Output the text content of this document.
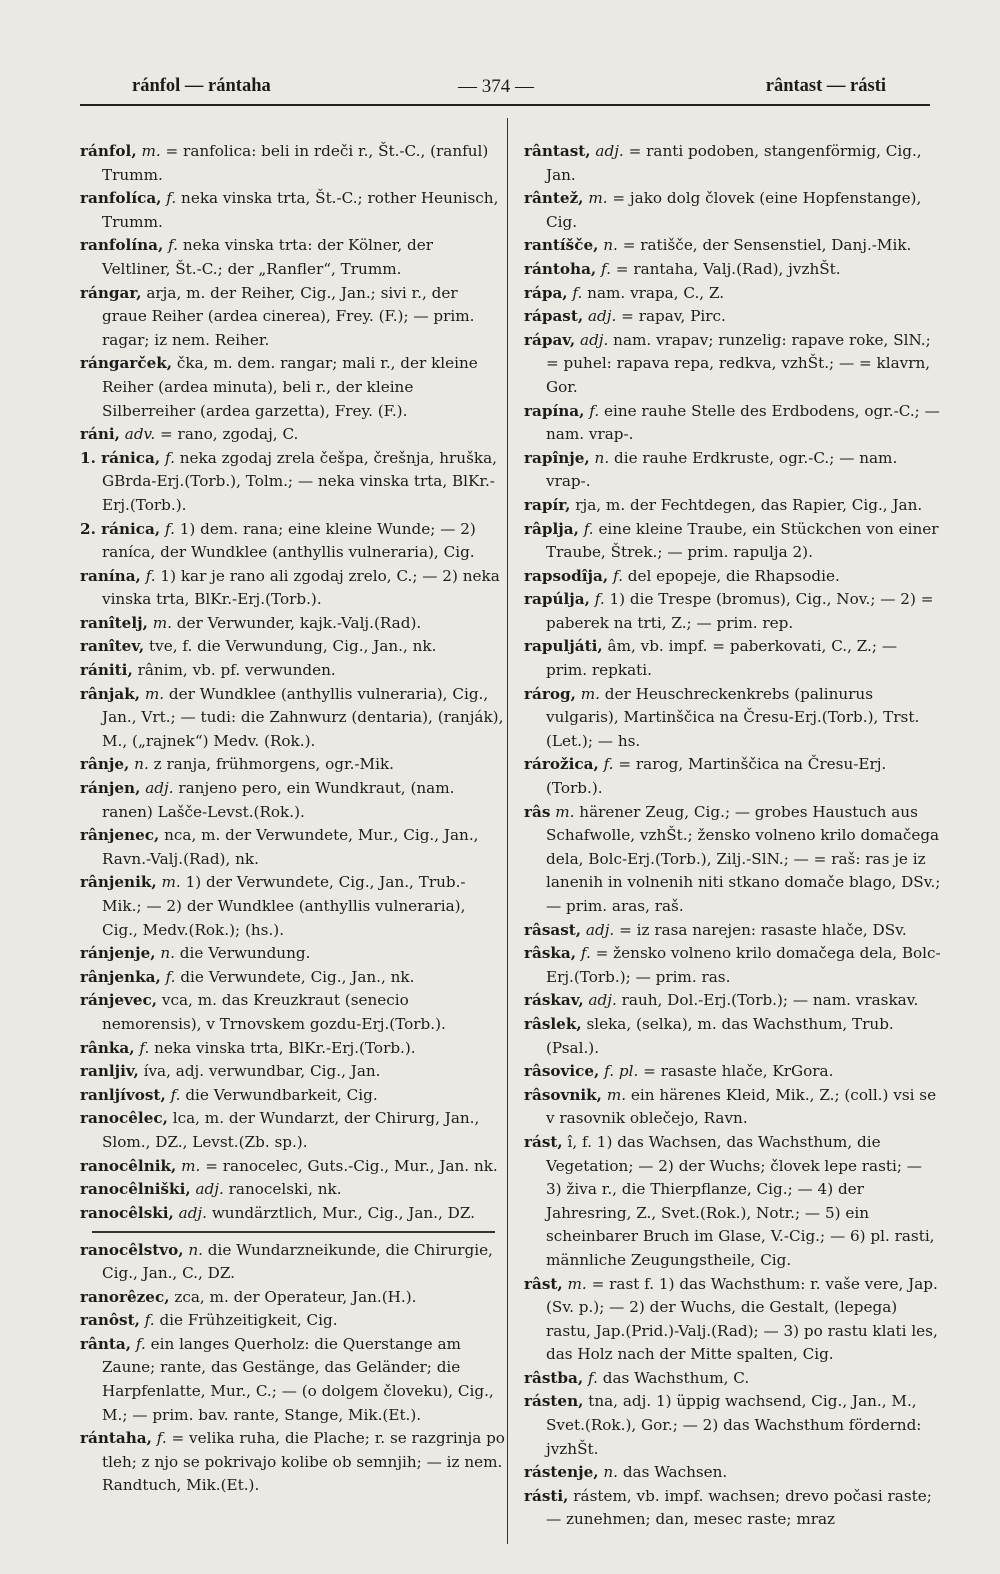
ránfol — rántaha	— 374 —	rântast — rásti

ránfol, m. = ranfolica: beli in rdeči r., Št.-C., (ranful) Trumm.

ranfolíca, f. neka vinska trta, Št.-C.; rother Heunisch, Trumm.

ranfolína, f. neka vinska trta: der Kölner, der Veltliner, Št.-C.; der „Ranfler“, Trumm.

rángar, arja, m. der Reiher, Cig., Jan.; sivi r., der graue Reiher (ardea cinerea), Frey. (F.); — prim. ragar; iz nem. Reiher.

rángarček, čka, m. dem. rangar; mali r., der kleine Reiher (ardea minuta), beli r., der kleine Silberreiher (ardea garzetta), Frey. (F.).

ráni, adv. = rano, zgodaj, C.

1. ránica, f. neka zgodaj zrela češpa, črešnja, hruška, GBrda-Erj.(Torb.), Tolm.; — neka vinska trta, BlKr.-Erj.(Torb.).

2. ránica, f. 1) dem. rana; eine kleine Wunde; — 2) raníca, der Wundklee (anthyllis vulneraria), Cig.

ranína, f. 1) kar je rano ali zgodaj zrelo, C.; — 2) neka vinska trta, BlKr.-Erj.(Torb.).

ranîtelj, m. der Verwunder, kajk.-Valj.(Rad).

ranîtev, tve, f. die Verwundung, Cig., Jan., nk.

rániti, rânim, vb. pf. verwunden.

rânjak, m. der Wundklee (anthyllis vulneraria), Cig., Jan., Vrt.; — tudi: die Zahnwurz (dentaria), (ranják), M., („rajnek“) Medv. (Rok.).

rânje, n. z ranja, frühmorgens, ogr.-Mik.

ránjen, adj. ranjeno pero, ein Wundkraut, (nam. ranen) Lašče-Levst.(Rok.).

rânjenec, nca, m. der Verwundete, Mur., Cig., Jan., Ravn.-Valj.(Rad), nk.

rânjenik, m. 1) der Verwundete, Cig., Jan., Trub.-Mik.; — 2) der Wundklee (anthyllis vulneraria), Cig., Medv.(Rok.); (hs.).

ránjenje, n. die Verwundung.

rânjenka, f. die Verwundete, Cig., Jan., nk.

ránjevec, vca, m. das Kreuzkraut (senecio nemorensis), v Trnovskem gozdu-Erj.(Torb.).

rânka, f. neka vinska trta, BlKr.-Erj.(Torb.).

ranljiv, íva, adj. verwundbar, Cig., Jan.

ranljívost, f. die Verwundbarkeit, Cig.

ranocêlec, lca, m. der Wundarzt, der Chirurg, Jan., Slom., DZ., Levst.(Zb. sp.).

ranocêlnik, m. = ranocelec, Guts.-Cig., Mur., Jan. nk.

ranocêlniški, adj. ranocelski, nk.

ranocêlski, adj. wundärztlich, Mur., Cig., Jan., DZ.

ranocêlstvo, n. die Wundarzneikunde, die Chirurgie, Cig., Jan., C., DZ.

ranorêzec, zca, m. der Operateur, Jan.(H.).

ranôst, f. die Frühzeitigkeit, Cig.

rânta, f. ein langes Querholz: die Querstange am Zaune; rante, das Gestänge, das Geländer; die Harpfenlatte, Mur., C.; — (o dolgem človeku), Cig., M.; — prim. bav. rante, Stange, Mik.(Et.).

rántaha, f. = velika ruha, die Plache; r. se razgrinja po tleh; z njo se pokrivajo kolibe ob semnjih; — iz nem. Randtuch, Mik.(Et.).

rântast, adj. = ranti podoben, stangenförmig, Cig., Jan.

rântež, m. = jako dolg človek (eine Hopfenstange), Cig.

rantíšče, n. = ratišče, der Sensenstiel, Danj.-Mik.

rántoha, f. = rantaha, Valj.(Rad), jvzhŠt.

rápa, f. nam. vrapa, C., Z.

rápast, adj. = rapav, Pirc.

rápav, adj. nam. vrapav; runzelig: rapave roke, SlN.; = puhel: rapava repa, redkva, vzhŠt.; — = klavrn, Gor.

rapína, f. eine rauhe Stelle des Erdbodens, ogr.-C.; — nam. vrap-.

rapînje, n. die rauhe Erdkruste, ogr.-C.; — nam. vrap-.

rapír, rja, m. der Fechtdegen, das Rapier, Cig., Jan.

râplja, f. eine kleine Traube, ein Stückchen von einer Traube, Štrek.; — prim. rapulja 2).

rapsodîja, f. del epopeje, die Rhapsodie.

rapúlja, f. 1) die Trespe (bromus), Cig., Nov.; — 2) = paberek na trti, Z.; — prim. rep.

rapuljáti, âm, vb. impf. = paberkovati, C., Z.; — prim. repkati.

rárog, m. der Heuschreckenkrebs (palinurus vulgaris), Martinščica na Čresu-Erj.(Torb.), Trst.(Let.); — hs.

rárožica, f. = rarog, Martinščica na Čresu-Erj.(Torb.).

râs m. härener Zeug, Cig.; — grobes Haustuch aus Schafwolle, vzhŠt.; žensko volneno krilo domačega dela, Bolc-Erj.(Torb.), Zilj.-SlN.; — = raš: ras je iz lanenih in volnenih niti stkano domače blago, DSv.; — prim. aras, raš.

râsast, adj. = iz rasa narejen: rasaste hlače, DSv.

râska, f. = žensko volneno krilo domačega dela, Bolc-Erj.(Torb.); — prim. ras.

ráskav, adj. rauh, Dol.-Erj.(Torb.); — nam. vraskav.

râslek, sleka, (selka), m. das Wachsthum, Trub.(Psal.).

râsovice, f. pl. = rasaste hlače, KrGora.

râsovnik, m. ein härenes Kleid, Mik., Z.; (coll.) vsi se v rasovnik oblečejo, Ravn.

rást, î, f. 1) das Wachsen, das Wachsthum, die Vegetation; — 2) der Wuchs; človek lepe rasti; — 3) živa r., die Thierpflanze, Cig.; — 4) der Jahresring, Z., Svet.(Rok.), Notr.; — 5) ein scheinbarer Bruch im Glase, V.-Cig.; — 6) pl. rasti, männliche Zeugungstheile, Cig.

râst, m. = rast f. 1) das Wachsthum: r. vaše vere, Jap.(Sv. p.); — 2) der Wuchs, die Gestalt, (lepega) rastu, Jap.(Prid.)-Valj.(Rad); — 3) po rastu klati les, das Holz nach der Mitte spalten, Cig.

râstba, f. das Wachsthum, C.

rásten, tna, adj. 1) üppig wachsend, Cig., Jan., M., Svet.(Rok.), Gor.; — 2) das Wachsthum fördernd: jvzhŠt.

rástenje, n. das Wachsen.

rásti, rástem, vb. impf. wachsen; drevo počasi raste; — zunehmen; dan, mesec raste; mraz
